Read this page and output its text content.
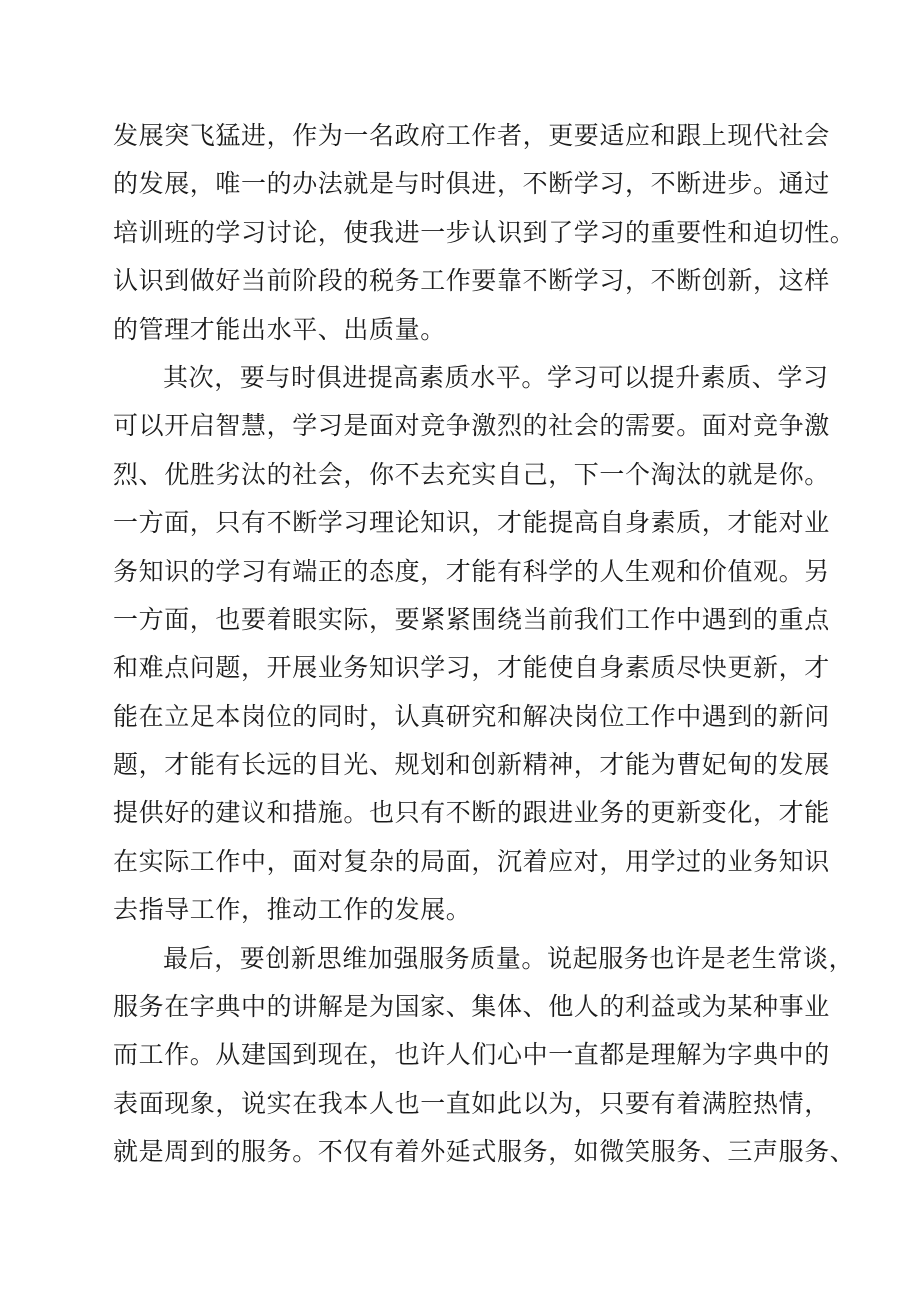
发展突飞猛进，作为一名政府工作者，更要适应和跟上现代社会
的发展，唯一的办法就是与时俱进，不断学习，不断进步。通过
培训班的学习讨论，使我进一步认识到了学习的重要性和迫切性。
认识到做好当前阶段的税务工作要靠不断学习，不断创新，这样
的管理才能出水平、出质量。
其次，要与时俱进提高素质水平。学习可以提升素质、学习
可以开启智慧，学习是面对竞争激烈的社会的需要。面对竞争激
烈、优胜劣汰的社会，你不去充实自己，下一个淘汰的就是你。
一方面，只有不断学习理论知识，才能提高自身素质，才能对业
务知识的学习有端正的态度，才能有科学的人生观和价值观。另
一方面，也要着眼实际，要紧紧围绕当前我们工作中遇到的重点
和难点问题，开展业务知识学习，才能使自身素质尽快更新，才
能在立足本岗位的同时，认真研究和解决岗位工作中遇到的新问
题，才能有长远的目光、规划和创新精神，才能为曹妃甸的发展
提供好的建议和措施。也只有不断的跟进业务的更新变化，才能
在实际工作中，面对复杂的局面，沉着应对，用学过的业务知识
去指导工作，推动工作的发展。
最后，要创新思维加强服务质量。说起服务也许是老生常谈，
服务在字典中的讲解是为国家、集体、他人的利益或为某种事业
而工作。从建国到现在，也许人们心中一直都是理解为字典中的
表面现象，说实在我本人也一直如此以为，只要有着满腔热情，
就是周到的服务。不仅有着外延式服务，如微笑服务、三声服务、
